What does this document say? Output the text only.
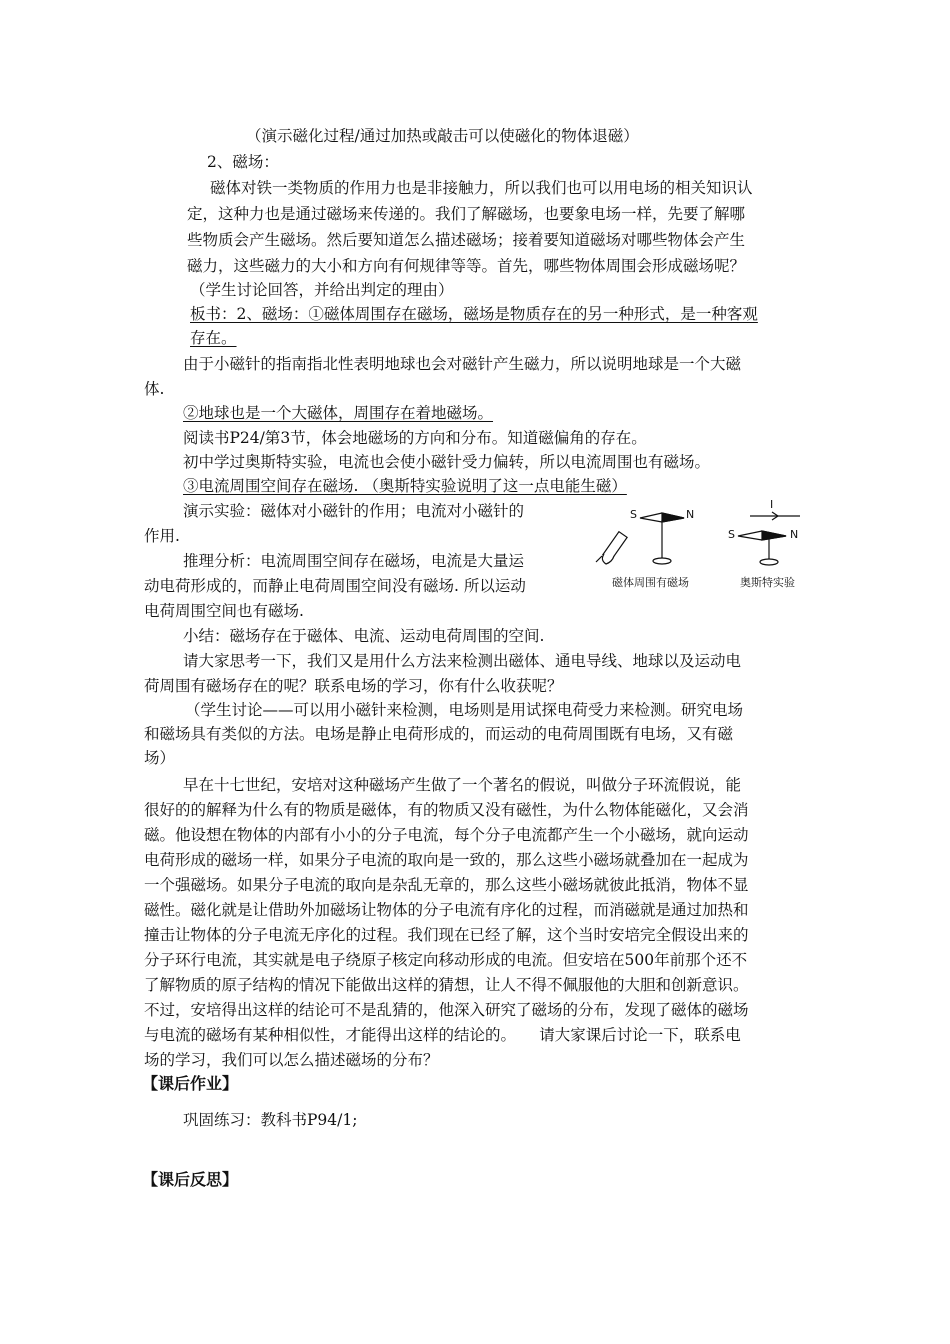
（演示磁化过程/通过加热或敲击可以使磁化的物体退磁）
2、磁场：
磁体对铁一类物质的作用力也是非接触力，所以我们也可以用电场的相关知识认
定，这种力也是通过磁场来传递的。我们了解磁场，也要象电场一样，先要了解哪
些物质会产生磁场。然后要知道怎么描述磁场；接着要知道磁场对哪些物体会产生
磁力，这些磁力的大小和方向有何规律等等。首先，哪些物体周围会形成磁场呢？
（学生讨论回答，并给出判定的理由）
板书：2、磁场：①磁体周围存在磁场，磁场是物质存在的另一种形式，是一种客观
存在。
由于小磁针的指南指北性表明地球也会对磁针产生磁力，所以说明地球是一个大磁
体.
②地球也是一个大磁体，周围存在着地磁场。
阅读书P24/第3节，体会地磁场的方向和分布。知道磁偏角的存在。
初中学过奥斯特实验，电流也会使小磁针受力偏转，所以电流周围也有磁场。
③电流周围空间存在磁场. （奥斯特实验说明了这一点电能生磁）
演示实验：磁体对小磁针的作用；电流对小磁针的
作用.
推理分析：电流周围空间存在磁场，电流是大量运
动电荷形成的，而静止电荷周围空间没有磁场. 所以运动
电荷周围空间也有磁场.
小结：磁场存在于磁体、电流、运动电荷周围的空间.
请大家思考一下，我们又是用什么方法来检测出磁体、通电导线、地球以及运动电
荷周围有磁场存在的呢？联系电场的学习，你有什么收获呢？
（学生讨论——可以用小磁针来检测，电场则是用试探电荷受力来检测。研究电场
和磁场具有类似的方法。电场是静止电荷形成的，而运动的电荷周围既有电场，又有磁
场）
早在十七世纪，安培对这种磁场产生做了一个著名的假说，叫做分子环流假说，能
很好的的解释为什么有的物质是磁体，有的物质又没有磁性，为什么物体能磁化，又会消
磁。他设想在物体的内部有小小的分子电流，每个分子电流都产生一个小磁场，就向运动
电荷形成的磁场一样，如果分子电流的取向是一致的，那么这些小磁场就叠加在一起成为
一个强磁场。如果分子电流的取向是杂乱无章的，那么这些小磁场就彼此抵消，物体不显
磁性。磁化就是让借助外加磁场让物体的分子电流有序化的过程，而消磁就是通过加热和
撞击让物体的分子电流无序化的过程。我们现在已经了解，这个当时安培完全假设出来的
分子环行电流，其实就是电子绕原子核定向移动形成的电流。但安培在500年前那个还不
了解物质的原子结构的情况下能做出这样的猜想，让人不得不佩服他的大胆和创新意识。
不过，安培得出这样的结论可不是乱猜的，他深入研究了磁场的分布，发现了磁体的磁场
与电流的磁场有某种相似性，才能得出这样的结论的。　　请大家课后讨论一下，联系电
场的学习，我们可以怎么描述磁场的分布？
【课后作业】
巩固练习：教科书P94/1;
【课后反思】
S	N
I
S	N
磁体周围有磁场	奥斯特实验
